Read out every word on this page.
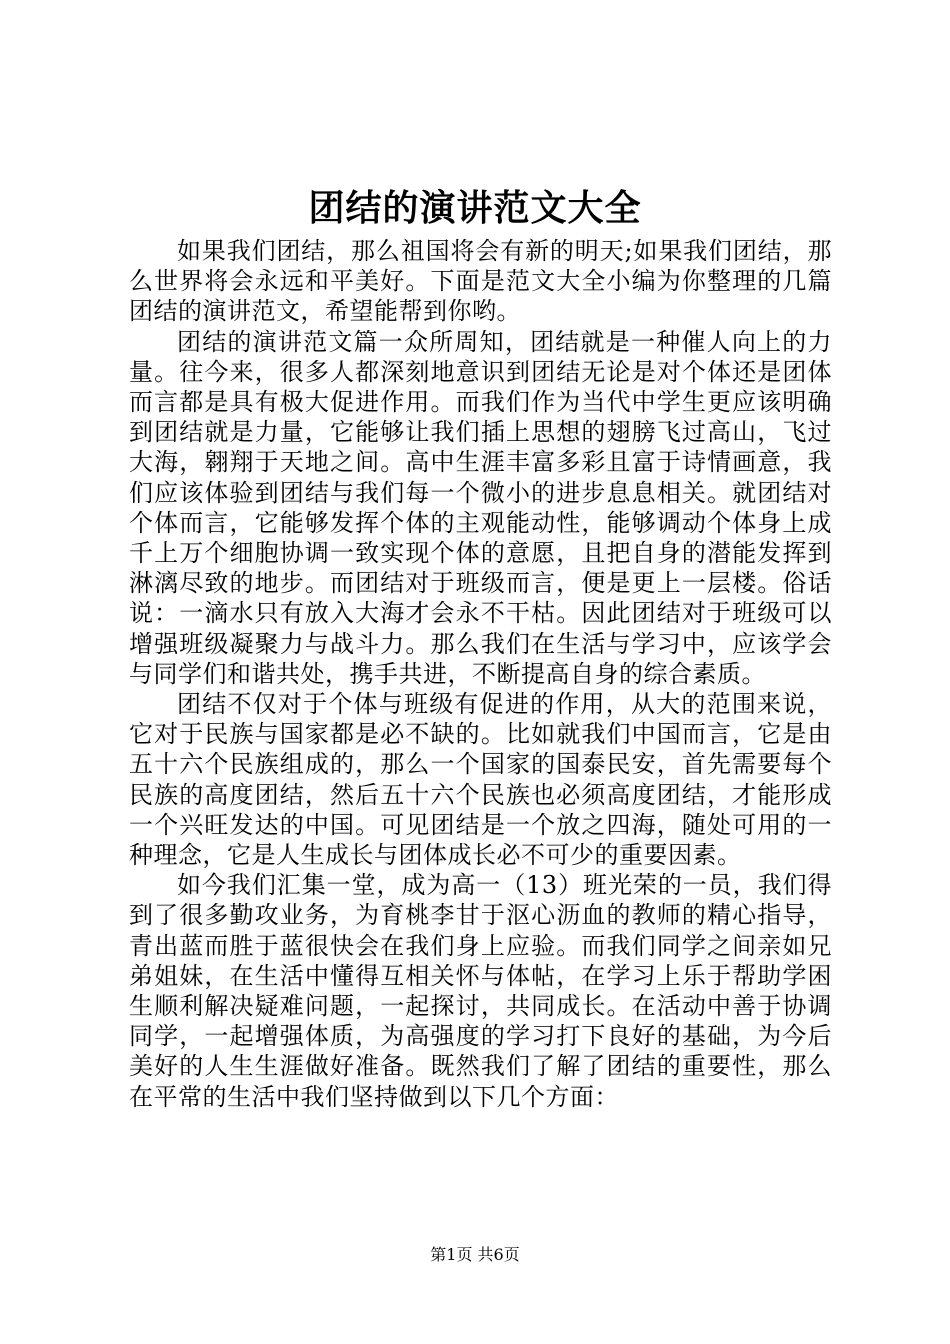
团结的演讲范文大全

如果我们团结，那么祖国将会有新的明天;如果我们团结，那么世界将会永远和平美好。下面是范文大全小编为你整理的几篇团结的演讲范文，希望能帮到你哟。

团结的演讲范文篇一众所周知，团结就是一种催人向上的力量。往今来，很多人都深刻地意识到团结无论是对个体还是团体而言都是具有极大促进作用。而我们作为当代中学生更应该明确到团结就是力量，它能够让我们插上思想的翅膀飞过高山，飞过大海，翱翔于天地之间。高中生涯丰富多彩且富于诗情画意，我们应该体验到团结与我们每一个微小的进步息息相关。就团结对个体而言，它能够发挥个体的主观能动性，能够调动个体身上成千上万个细胞协调一致实现个体的意愿，且把自身的潜能发挥到淋漓尽致的地步。而团结对于班级而言，便是更上一层楼。俗话说：一滴水只有放入大海才会永不干枯。因此团结对于班级可以增强班级凝聚力与战斗力。那么我们在生活与学习中，应该学会与同学们和谐共处，携手共进，不断提高自身的综合素质。

团结不仅对于个体与班级有促进的作用，从大的范围来说，它对于民族与国家都是必不缺的。比如就我们中国而言，它是由五十六个民族组成的，那么一个国家的国泰民安，首先需要每个民族的高度团结，然后五十六个民族也必须高度团结，才能形成一个兴旺发达的中国。可见团结是一个放之四海，随处可用的一种理念，它是人生成长与团体成长必不可少的重要因素。

如今我们汇集一堂，成为高一（13）班光荣的一员，我们得到了很多勤攻业务，为育桃李甘于沤心沥血的教师的精心指导，青出蓝而胜于蓝很快会在我们身上应验。而我们同学之间亲如兄弟姐妹，在生活中懂得互相关怀与体帖，在学习上乐于帮助学困生顺利解决疑难问题，一起探讨，共同成长。在活动中善于协调同学，一起增强体质，为高强度的学习打下良好的基础，为今后美好的人生生涯做好准备。既然我们了解了团结的重要性，那么在平常的生活中我们坚持做到以下几个方面：

第1页 共6页
